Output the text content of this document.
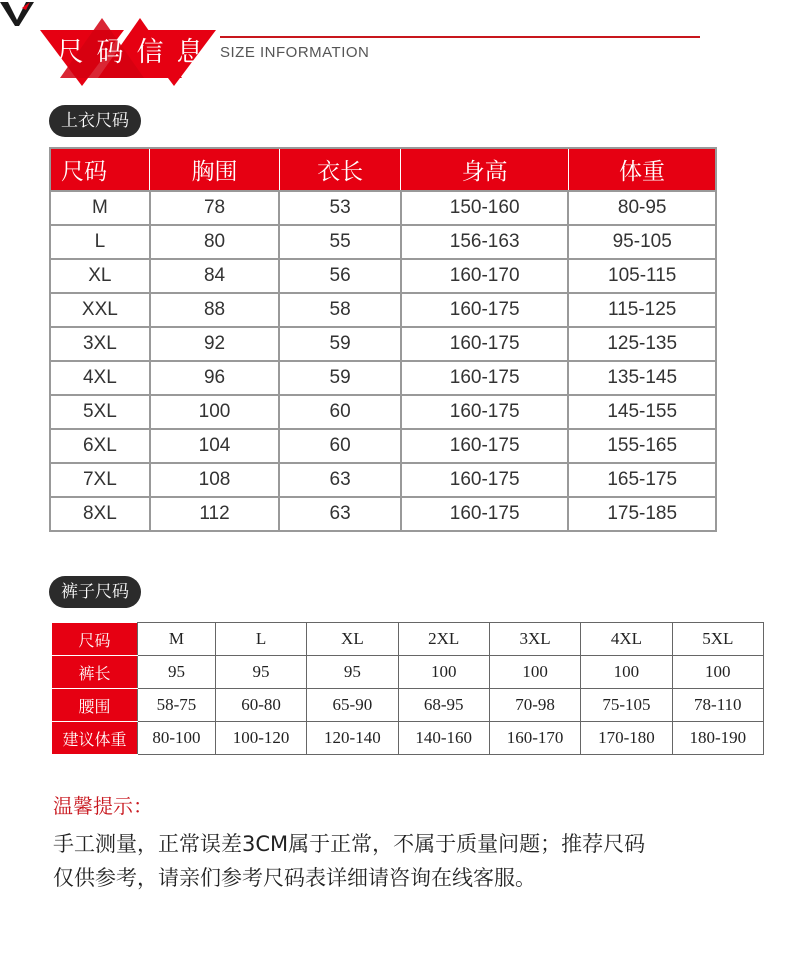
尺 码 信 息	SIZE INFORMATION
上衣尺码
尺码	胸围	衣长	身高	体重
M	78	53	150-160	80-95
L	80	55	156-163	95-105
XL	84	56	160-170	105-115
XXL	88	58	160-175	115-125
3XL	92	59	160-175	125-135
4XL	96	59	160-175	135-145
5XL	100	60	160-175	145-155
6XL	104	60	160-175	155-165
7XL	108	63	160-175	165-175
8XL	112	63	160-175	175-185
裤子尺码
尺码	M	L	XL	2XL	3XL	4XL	5XL
裤长	95	95	95	100	100	100	100
腰围	58-75	60-80	65-90	68-95	70-98	75-105	78-110
建议体重	80-100	100-120	120-140	140-160	160-170	170-180	180-190
温馨提示：
手工测量，正常误差3CM属于正常，不属于质量问题；推荐尺码
仅供参考，请亲们参考尺码表详细请咨询在线客服。
